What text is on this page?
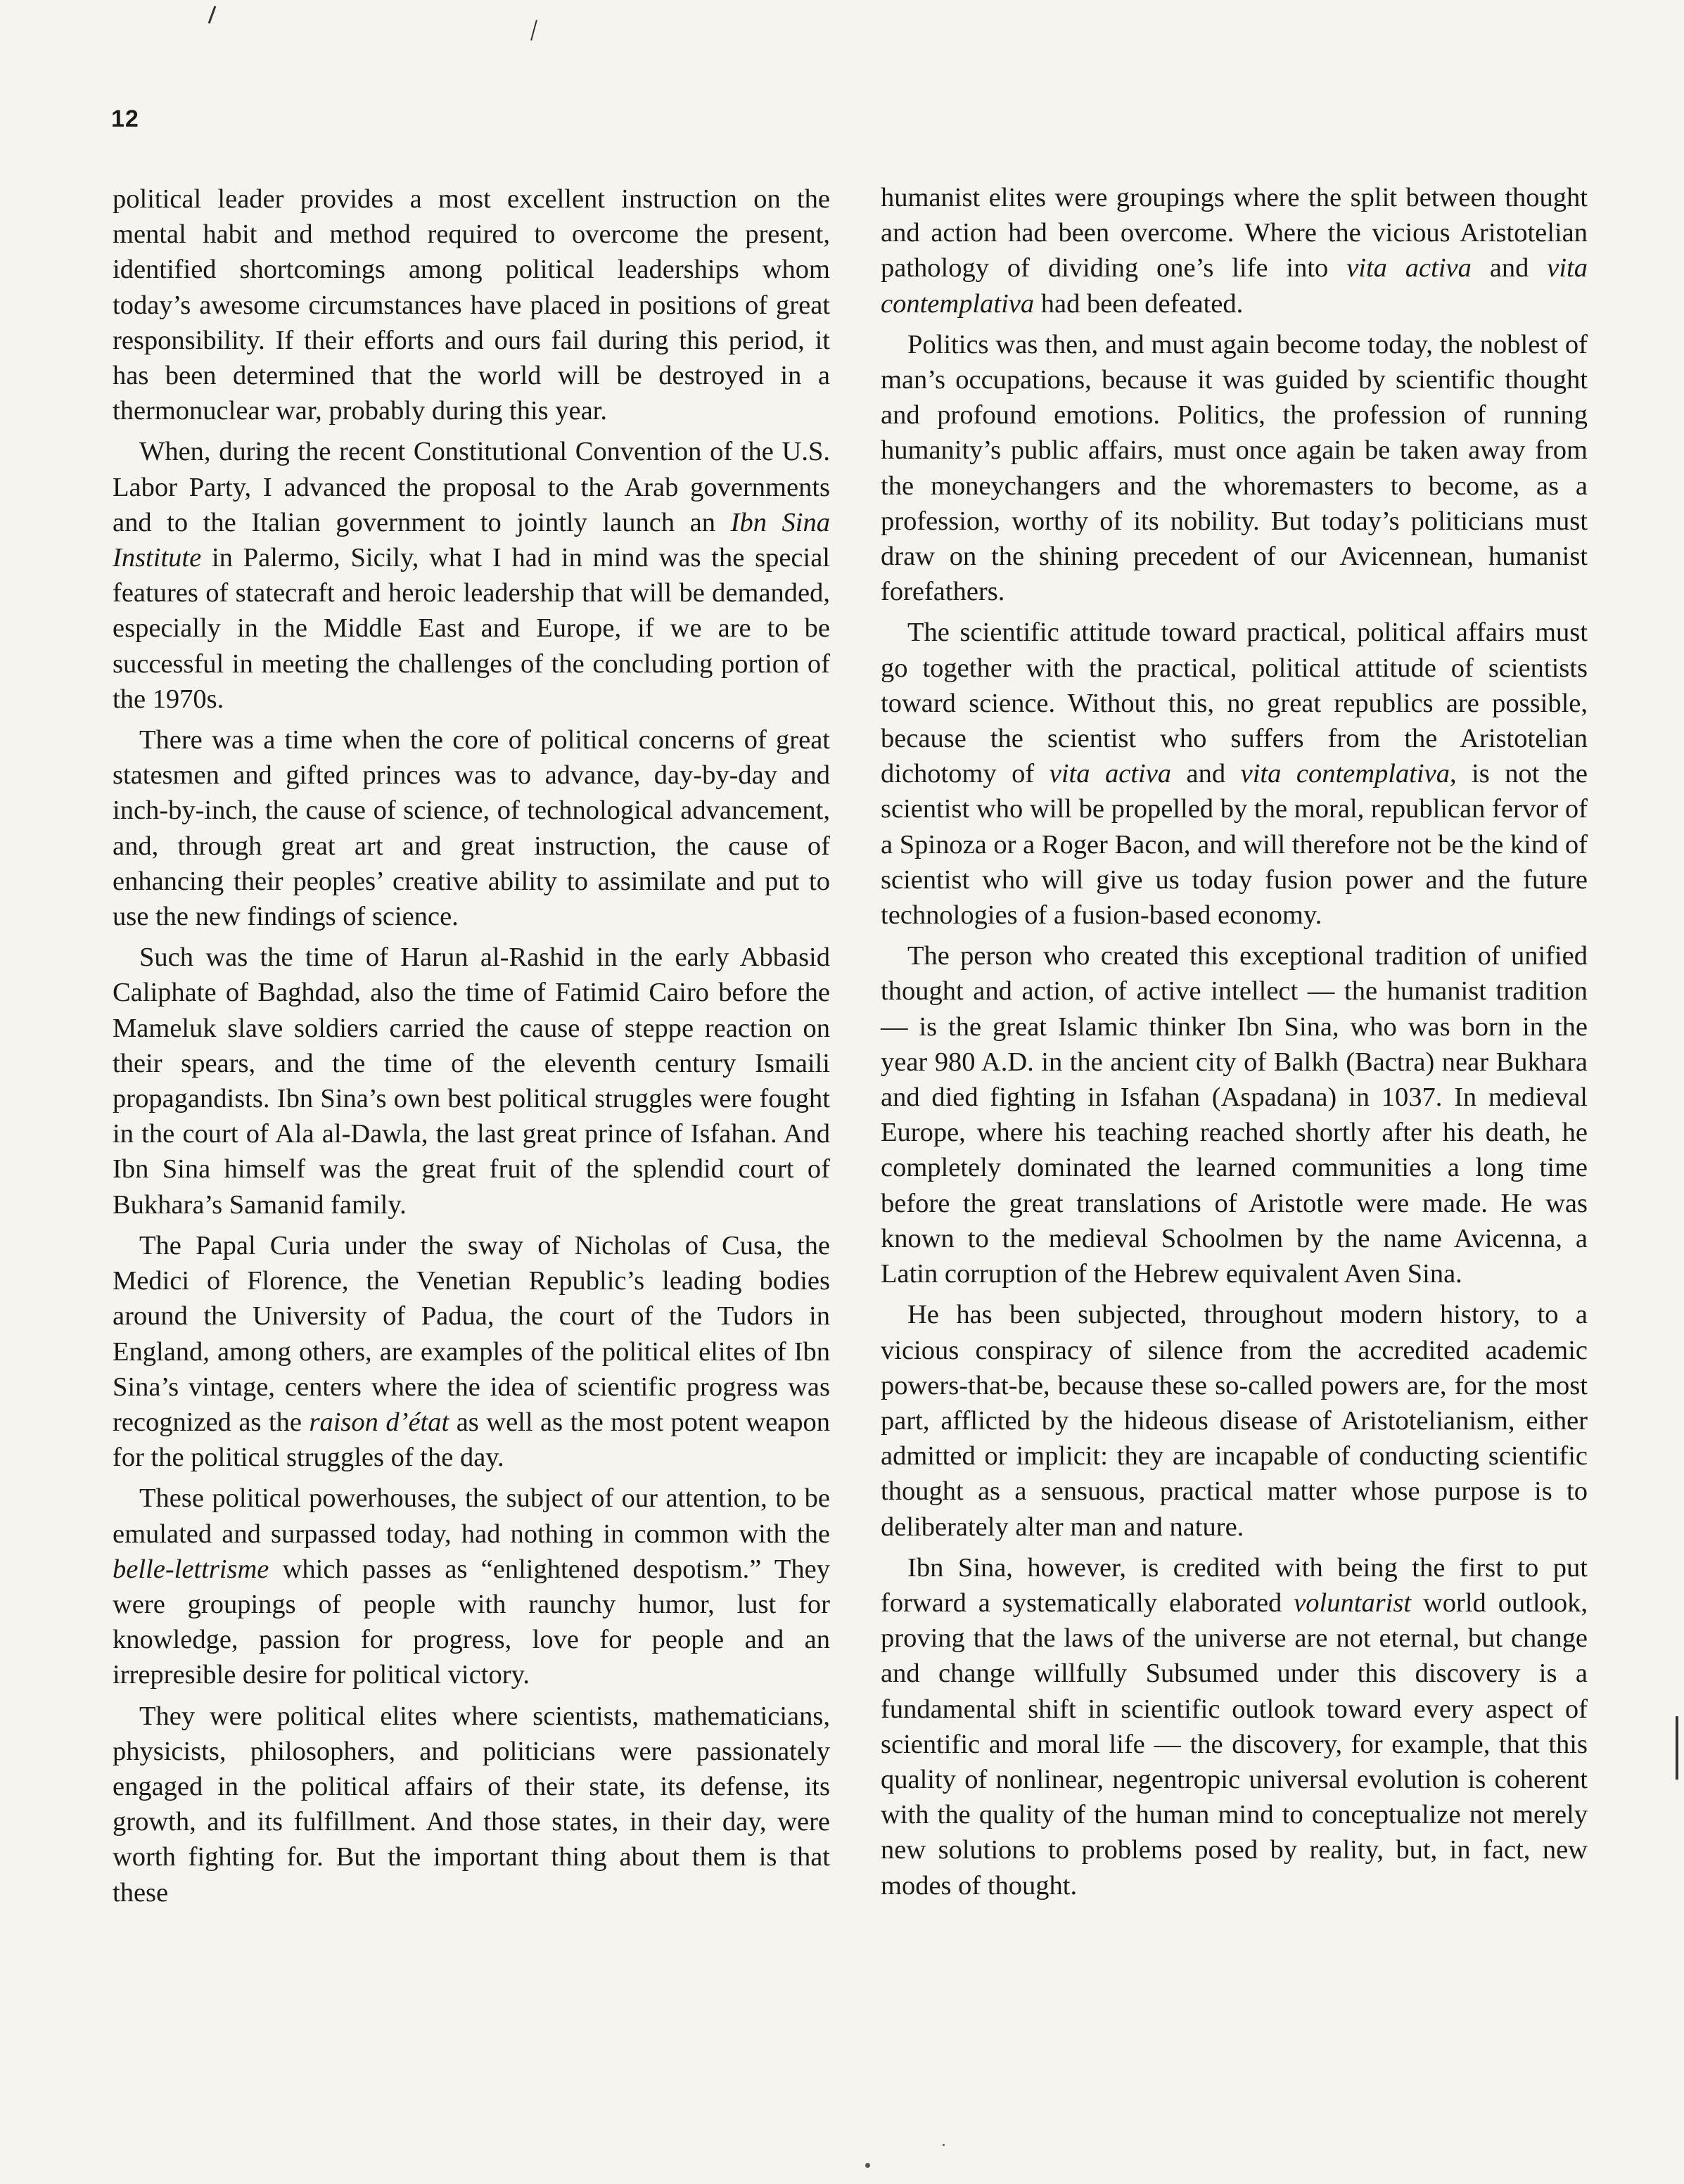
12

political leader provides a most excellent instruction on the mental habit and method required to overcome the present, identified shortcomings among political leaderships whom today’s awesome circumstances have placed in positions of great responsibility. If their efforts and ours fail during this period, it has been determined that the world will be destroyed in a thermonuclear war, probably during this year.

When, during the recent Constitutional Convention of the U.S. Labor Party, I advanced the proposal to the Arab governments and to the Italian government to jointly launch an Ibn Sina Institute in Palermo, Sicily, what I had in mind was the special features of statecraft and heroic leadership that will be demanded, especially in the Middle East and Europe, if we are to be successful in meeting the challenges of the concluding portion of the 1970s.

There was a time when the core of political concerns of great statesmen and gifted princes was to advance, day-by-day and inch-by-inch, the cause of science, of technological advancement, and, through great art and great instruction, the cause of enhancing their peoples’ creative ability to assimilate and put to use the new findings of science.

Such was the time of Harun al-Rashid in the early Abbasid Caliphate of Baghdad, also the time of Fatimid Cairo before the Mameluk slave soldiers carried the cause of steppe reaction on their spears, and the time of the eleventh century Ismaili propagandists. Ibn Sina’s own best political struggles were fought in the court of Ala al-Dawla, the last great prince of Isfahan. And Ibn Sina himself was the great fruit of the splendid court of Bukhara’s Samanid family.

The Papal Curia under the sway of Nicholas of Cusa, the Medici of Florence, the Venetian Republic’s leading bodies around the University of Padua, the court of the Tudors in England, among others, are examples of the political elites of Ibn Sina’s vintage, centers where the idea of scientific progress was recognized as the raison d’état as well as the most potent weapon for the political struggles of the day.

These political powerhouses, the subject of our attention, to be emulated and surpassed today, had nothing in common with the belle-lettrisme which passes as “enlightened despotism.” They were groupings of people with raunchy humor, lust for knowledge, passion for progress, love for people and an irrepresible desire for political victory.

They were political elites where scientists, mathematicians, physicists, philosophers, and politicians were passionately engaged in the political affairs of their state, its defense, its growth, and its fulfillment. And those states, in their day, were worth fighting for. But the important thing about them is that these

humanist elites were groupings where the split between thought and action had been overcome. Where the vicious Aristotelian pathology of dividing one’s life into vita activa and vita contemplativa had been defeated.

Politics was then, and must again become today, the noblest of man’s occupations, because it was guided by scientific thought and profound emotions. Politics, the profession of running humanity’s public affairs, must once again be taken away from the moneychangers and the whoremasters to become, as a profession, worthy of its nobility. But today’s politicians must draw on the shining precedent of our Avicennean, humanist forefathers.

The scientific attitude toward practical, political affairs must go together with the practical, political attitude of scientists toward science. Without this, no great republics are possible, because the scientist who suffers from the Aristotelian dichotomy of vita activa and vita contemplativa, is not the scientist who will be propelled by the moral, republican fervor of a Spinoza or a Roger Bacon, and will therefore not be the kind of scientist who will give us today fusion power and the future technologies of a fusion-based economy.

The person who created this exceptional tradition of unified thought and action, of active intellect — the humanist tradition — is the great Islamic thinker Ibn Sina, who was born in the year 980 A.D. in the ancient city of Balkh (Bactra) near Bukhara and died fighting in Isfahan (Aspadana) in 1037. In medieval Europe, where his teaching reached shortly after his death, he completely dominated the learned communities a long time before the great translations of Aristotle were made. He was known to the medieval Schoolmen by the name Avicenna, a Latin corruption of the Hebrew equivalent Aven Sina.

He has been subjected, throughout modern history, to a vicious conspiracy of silence from the accredited academic powers-that-be, because these so-called powers are, for the most part, afflicted by the hideous disease of Aristotelianism, either admitted or implicit: they are incapable of conducting scientific thought as a sensuous, practical matter whose purpose is to deliberately alter man and nature.

Ibn Sina, however, is credited with being the first to put forward a systematically elaborated voluntarist world outlook, proving that the laws of the universe are not eternal, but change and change willfully Subsumed under this discovery is a fundamental shift in scientific outlook toward every aspect of scientific and moral life — the discovery, for example, that this quality of nonlinear, negentropic universal evolution is coherent with the quality of the human mind to conceptualize not merely new solutions to problems posed by reality, but, in fact, new modes of thought.
